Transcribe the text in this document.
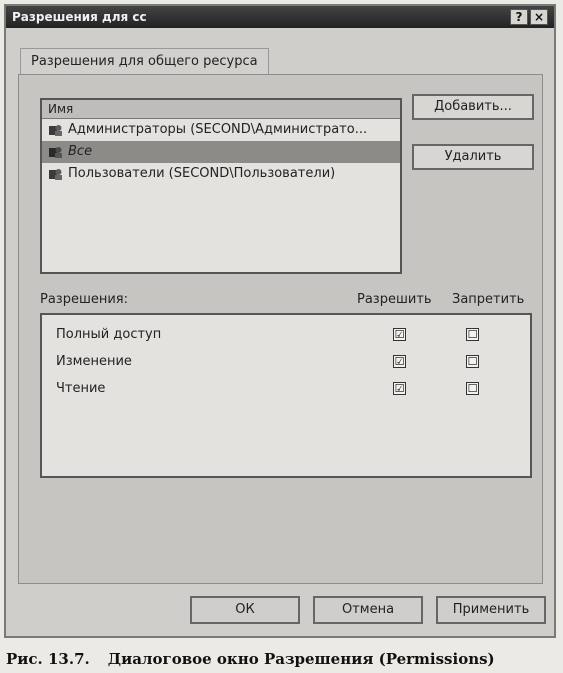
Разрешения для cc	? ×
Разрешения для общего ресурса
Имя
Администраторы (SECOND\Администрато...
Все
Пользователи (SECOND\Пользователи)
Добавить...
Удалить
Разрешения:	Разрешить Запретить
Полный доступ	☑	☐
Изменение	☑	☐
Чтение	☑	☐
ОК	Отмена	Применить
Рис. 13.7. Диалоговое окно Разрешения (Permissions)
